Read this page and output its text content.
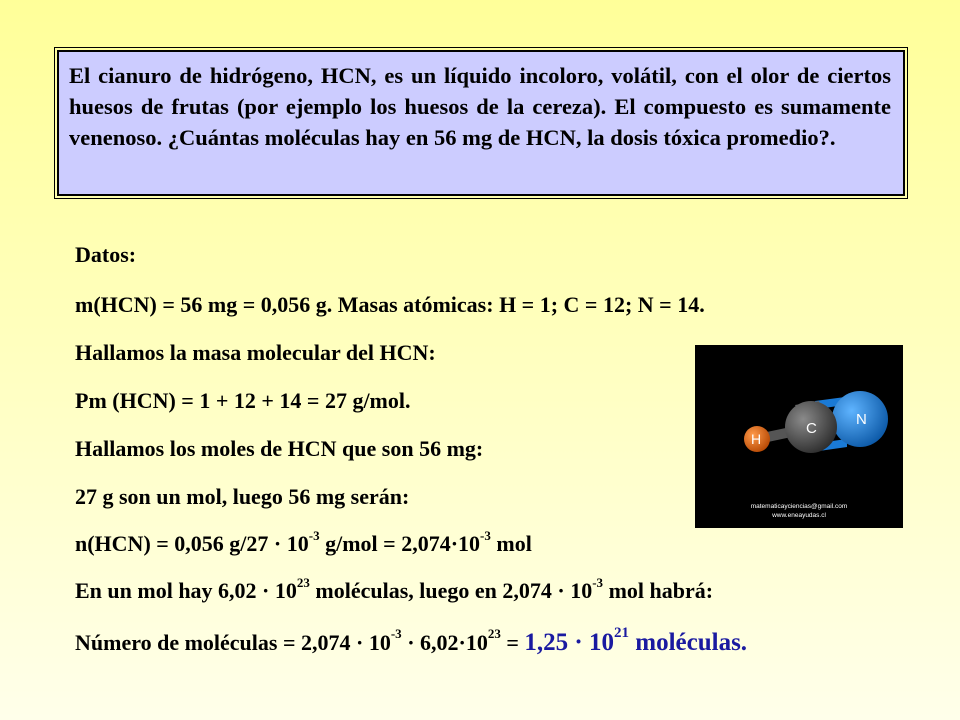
El cianuro de hidrógeno, HCN, es un líquido incoloro, volátil, con el olor de ciertos huesos de frutas (por ejemplo los huesos de la cereza). El compuesto es sumamente venenoso. ¿Cuántas moléculas hay en 56 mg de HCN, la dosis tóxica promedio?.

Datos:

m(HCN) = 56 mg = 0,056 g. Masas atómicas: H = 1; C = 12; N = 14.

Hallamos la masa molecular del HCN:

Pm (HCN) = 1 + 12 + 14 = 27 g/mol.

Hallamos los moles de HCN que son 56 mg:

27 g son un mol, luego 56 mg serán:

n(HCN) = 0,056 $g/27 \cdot 10^{-3}$ $g/mol = 2,074\cdot 10^{-3}$ mol

En un mol hay $6,02 \cdot 10^{23}$ moléculas, luego en $2,074 \cdot 10^{-3}$ mol habrá:

Número de moléculas = $2,074 \cdot 10^{-3} \cdot 6,02\cdot 10^{23} = 1,25 \cdot 10^{21}$ moléculas.

N
C
H
matematicayciencias@gmail.com
www.eneayudas.cl
